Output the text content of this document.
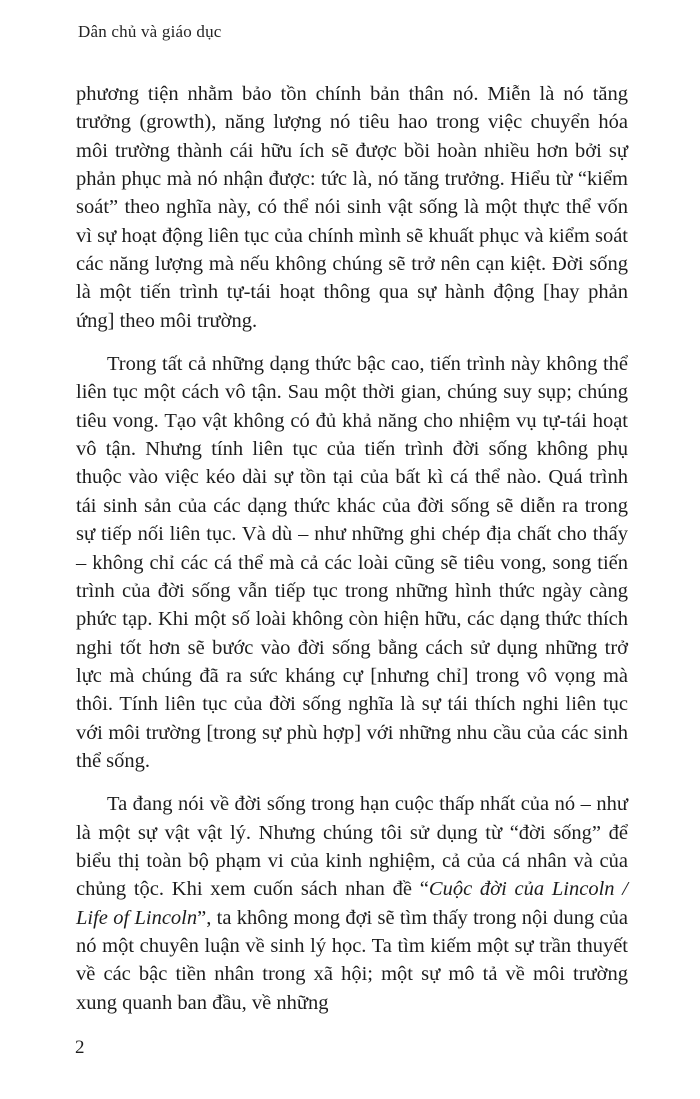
Dân chủ và giáo dục

phương tiện nhằm bảo tồn chính bản thân nó. Miễn là nó tăng trưởng (growth), năng lượng nó tiêu hao trong việc chuyển hóa môi trường thành cái hữu ích sẽ được bồi hoàn nhiều hơn bởi sự phản phục mà nó nhận được: tức là, nó tăng trưởng. Hiểu từ “kiểm soát” theo nghĩa này, có thể nói sinh vật sống là một thực thể vốn vì sự hoạt động liên tục của chính mình sẽ khuất phục và kiểm soát các năng lượng mà nếu không chúng sẽ trở nên cạn kiệt. Đời sống là một tiến trình tự-tái hoạt thông qua sự hành động [hay phản ứng] theo môi trường.

Trong tất cả những dạng thức bậc cao, tiến trình này không thể liên tục một cách vô tận. Sau một thời gian, chúng suy sụp; chúng tiêu vong. Tạo vật không có đủ khả năng cho nhiệm vụ tự-tái hoạt vô tận. Nhưng tính liên tục của tiến trình đời sống không phụ thuộc vào việc kéo dài sự tồn tại của bất kì cá thể nào. Quá trình tái sinh sản của các dạng thức khác của đời sống sẽ diễn ra trong sự tiếp nối liên tục. Và dù – như những ghi chép địa chất cho thấy – không chỉ các cá thể mà cả các loài cũng sẽ tiêu vong, song tiến trình của đời sống vẫn tiếp tục trong những hình thức ngày càng phức tạp. Khi một số loài không còn hiện hữu, các dạng thức thích nghi tốt hơn sẽ bước vào đời sống bằng cách sử dụng những trở lực mà chúng đã ra sức kháng cự [nhưng chỉ] trong vô vọng mà thôi. Tính liên tục của đời sống nghĩa là sự tái thích nghi liên tục với môi trường [trong sự phù hợp] với những nhu cầu của các sinh thể sống.

Ta đang nói về đời sống trong hạn cuộc thấp nhất của nó – như là một sự vật vật lý. Nhưng chúng tôi sử dụng từ “đời sống” để biểu thị toàn bộ phạm vi của kinh nghiệm, cả của cá nhân và của chủng tộc. Khi xem cuốn sách nhan đề “Cuộc đời của Lincoln / Life of Lincoln”, ta không mong đợi sẽ tìm thấy trong nội dung của nó một chuyên luận về sinh lý học. Ta tìm kiếm một sự trần thuyết về các bậc tiền nhân trong xã hội; một sự mô tả về môi trường xung quanh ban đầu, về những

2
